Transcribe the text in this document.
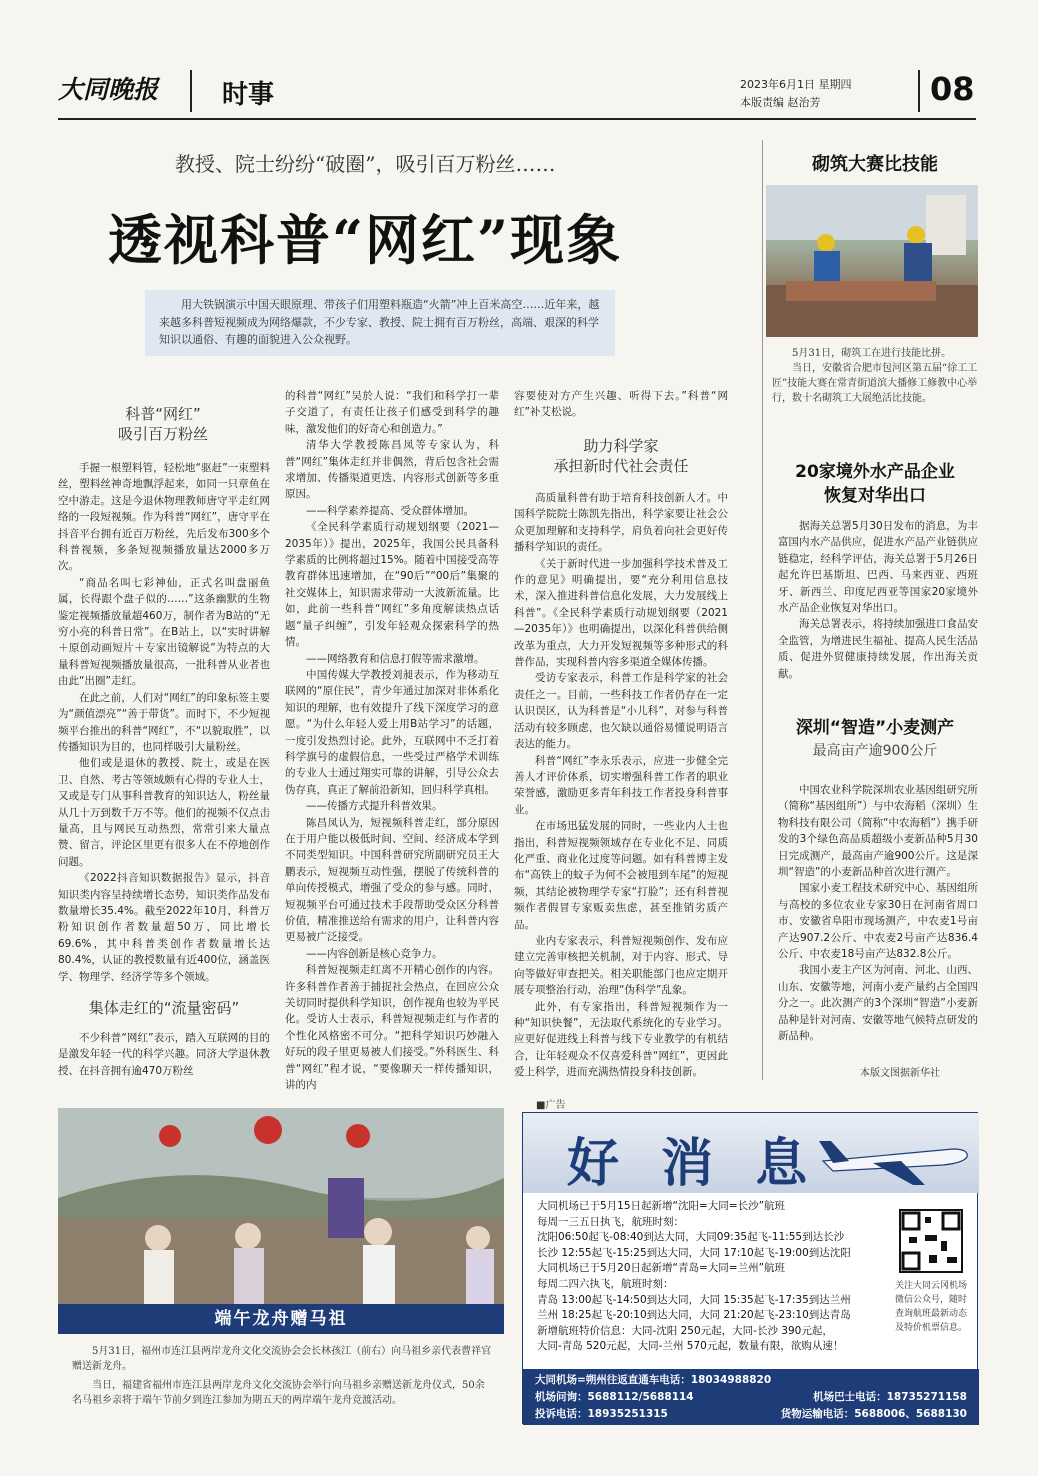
大同晚报	时事	2023年6月1日 星期四
本版责编 赵治芳	08
教授、院士纷纷“破圈”，吸引百万粉丝……
透视科普“网红”现象
用大铁锅演示中国天眼原理、带孩子们用塑料瓶造“火箭”冲上百米高空……近年来，越来越多科普短视频成为网络爆款，不少专家、教授、院士拥有百万粉丝，高端、艰深的科学知识以通俗、有趣的面貌进入公众视野。
科普“网红”
吸引百万粉丝

手握一根塑料管，轻松地“驱赶”一束塑料丝，塑料丝神奇地飘浮起来，如同一只章鱼在空中游走。这是今退休物理教师唐守平走红网络的一段短视频。作为科普“网红”，唐守平在抖音平台拥有近百万粉丝，先后发布300多个科普视频，多条短视频播放量达2000多万次。

“商品名叫七彩神仙，正式名叫盘丽鱼属，长得跟个盘子似的……”这条幽默的生物鉴定视频播放量超460万，制作者为B站的“无穷小亮的科普日常”。在B站上，以“实时讲解＋原创动画短片＋专家出镜解说”为特点的大量科普短视频播放量很高，一批科普从业者也由此“出圈”走红。

在此之前，人们对“网红”的印象标签主要为“颜值漂亮”“善于带货”。而时下，不少短视频平台推出的科普“网红”，不“以貌取胜”，以传播知识为目的，也同样吸引大量粉丝。

他们或是退休的教授、院士，或是在医卫、自然、考古等领域颇有心得的专业人士，又或是专门从事科普教育的知识达人，粉丝量从几十万到数千万不等。他们的视频不仅点击量高，且与网民互动热烈，常常引来大量点赞、留言，评论区里更有很多人在不停地创作问题。

《2022抖音知识数据报告》显示，抖音知识类内容呈持续增长态势，知识类作品发布数量增长35.4%。截至2022年10月，科普万粉知识创作者数量超50万，同比增长69.6%，其中科普类创作者数量增长达80.4%，认证的教授数量有近400位，涵盖医学、物理学、经济学等多个领域。

集体走红的“流量密码”

不少科普“网红”表示，踏入互联网的目的是激发年轻一代的科学兴趣。同济大学退休教授、在抖音拥有逾470万粉丝

的科普“网红”吴於人说：“我们和科学打一辈子交道了，有责任让孩子们感受到科学的趣味，激发他们的好奇心和创造力。”

清华大学教授陈昌凤等专家认为，科普“网红”集体走红并非偶然，背后包含社会需求增加、传播渠道更迭、内容形式创新等多重原因。

——科学素养提高、受众群体增加。

《全民科学素质行动规划纲要（2021—2035年）》提出，2025年，我国公民具备科学素质的比例将超过15%。随着中国接受高等教育群体迅速增加，在“90后”“00后”集聚的社交媒体上，知识需求带动一大波新流量。比如，此前一些科普“网红”多角度解读热点话题“量子纠缠”，引发年轻观众探索科学的热情。

——网络教育和信息打假等需求激增。

中国传媒大学教授刘昶表示，作为移动互联网的“原住民”，青少年通过加深对非体系化知识的理解，也有效提升了线下深度学习的意愿。“为什么年轻人爱上用B站学习”的话题，一度引发热烈讨论。此外，互联网中不乏打着科学旗号的虚假信息，一些受过严格学术训练的专业人士通过翔实可靠的讲解，引导公众去伪存真，真正了解前沿新知，回归科学真相。

——传播方式提升科普效果。

陈昌凤认为，短视频科普走红，部分原因在于用户能以极低时间、空间、经济成本学到不同类型知识。中国科普研究所副研究员王大鹏表示，短视频互动性强，摆脱了传统科普的单向传授模式，增强了受众的参与感。同时，短视频平台可通过技术手段帮助受众区分科普价值，精准推送给有需求的用户，让科普内容更易被广泛接受。

——内容创新是核心竞争力。

科普短视频走红离不开精心创作的内容。许多科普作者善于捕捉社会热点，在回应公众关切同时提供科学知识，创作视角也较为平民化。受访人士表示，科普短视频走红与作者的个性化风格密不可分。“把科学知识巧妙融入好玩的段子里更易被人们接受。”外科医生、科普“网红”程才说，“要像聊天一样传播知识，讲的内

容要使对方产生兴趣、听得下去。”科普“网红”补艾松说。

助力科学家
承担新时代社会责任

高质量科普有助于培育科技创新人才。中国科学院院士陈凯先指出，科学家要让社会公众更加理解和支持科学，肩负着向社会更好传播科学知识的责任。

《关于新时代进一步加强科学技术普及工作的意见》明确提出，要“充分利用信息技术，深入推进科普信息化发展，大力发展线上科普”。《全民科学素质行动规划纲要（2021—2035年）》也明确提出，以深化科普供给侧改革为重点，大力开发短视频等多种形式的科普作品，实现科普内容多渠道全媒体传播。

受访专家表示，科普工作是科学家的社会责任之一。目前，一些科技工作者仍存在一定认识误区，认为科普是“小儿科”，对参与科普活动有较多顾虑，也欠缺以通俗易懂说明语言表达的能力。

科普“网红”李永乐表示，应进一步健全完善人才评价体系，切实增强科普工作者的职业荣誉感，激励更多青年科技工作者投身科普事业。

在市场迅猛发展的同时，一些业内人士也指出，科普短视频领域存在专业化不足、同质化严重、商业化过度等问题。如有科普博主发布“高铁上的蚊子为何不会被甩到车尾”的短视频，其结论被物理学专家“打脸”；还有科普视频作者假冒专家贩卖焦虑，甚至推销劣质产品。

业内专家表示，科普短视频创作、发布应建立完善审核把关机制，对于内容、形式、导向等做好审查把关。相关职能部门也应定期开展专项整治行动，治理“伪科学”乱象。

此外，有专家指出，科普短视频作为一种“知识快餐”，无法取代系统化的专业学习。应更好促进线上科普与线下专业教学的有机结合，让年轻观众不仅喜爱科普“网红”，更因此爱上科学，进而充满热情投身科技创新。

砌筑大赛比技能

5月31日，砌筑工在进行技能比拼。

当日，安徽省合肥市包河区第五届“徐工工匠”技能大赛在常青街道滨大播修工修教中心举行，数十名砌筑工大展绝活比技能。

20家境外水产品企业
恢复对华出口

据海关总署5月30日发布的消息，为丰富国内水产品供应，促进水产品产业链供应链稳定，经科学评估，海关总署于5月26日起允许巴基斯坦、巴西、马来西亚、西班牙、新西兰、印度尼西亚等国家20家境外水产品企业恢复对华出口。

海关总署表示，将持续加强进口食品安全监管，为增进民生福祉、提高人民生活品质、促进外贸健康持续发展，作出海关贡献。

深圳“智造”小麦测产
最高亩产逾900公斤

中国农业科学院深圳农业基因组研究所（简称“基因组所”）与中农海稻（深圳）生物科技有限公司（简称“中农海稻”）携手研发的3个绿色高品质超级小麦新品种5月30日完成测产，最高亩产逾900公斤。这是深圳“智造”的小麦新品种首次进行测产。

国家小麦工程技术研究中心、基因组所与高校的多位农业专家30日在河南省周口市、安徽省阜阳市现场测产，中农麦1号亩产达907.2公斤、中农麦2号亩产达836.4公斤、中农麦18号亩产达832.8公斤。

我国小麦主产区为河南、河北、山西、山东、安徽等地，河南小麦产量约占全国四分之一。此次测产的3个深圳“智造”小麦新品种是针对河南、安徽等地气候特点研发的新品种。

本版文图据新华社
端午龙舟赠马祖

5月31日，福州市连江县两岸龙舟文化交流协会会长林孩江（前右）向马祖乡亲代表曹祥官赠送新龙舟。

当日，福建省福州市连江县两岸龙舟文化交流协会举行向马祖乡亲赠送新龙舟仪式，50余名马祖乡亲将于端午节前夕到连江参加为期五天的两岸端午龙舟竞渡活动。

■广告
好 消 息
大同机场已于5月15日起新增“沈阳=大同=长沙”航班
每周一三五日执飞，航班时刻：
沈阳06:50起飞-08:40到达大同，大同09:35起飞-11:55到达长沙
长沙 12:55起飞-15:25到达大同，大同 17:10起飞-19:00到达沈阳
大同机场已于5月20日起新增“青岛=大同=兰州”航班
每周二四六执飞，航班时刻：
青岛 13:00起飞-14:50到达大同，大同 15:35起飞-17:35到达兰州
兰州 18:25起飞-20:10到达大同，大同 21:20起飞-23:10到达青岛
新增航班特价信息：大同-沈阳 250元起，大同-长沙 390元起，
大同-青岛 520元起，大同-兰州 570元起，数量有限，欲购从速！
关注大同云冈机场微信公众号，随时查询航班最新动态及特价机票信息。
大同机场=朔州往返直通车电话：18034988820
机场问询：5688112/5688114	机场巴士电话：18735271158
投诉电话：18935251315	货物运输电话：5688006、5688130
